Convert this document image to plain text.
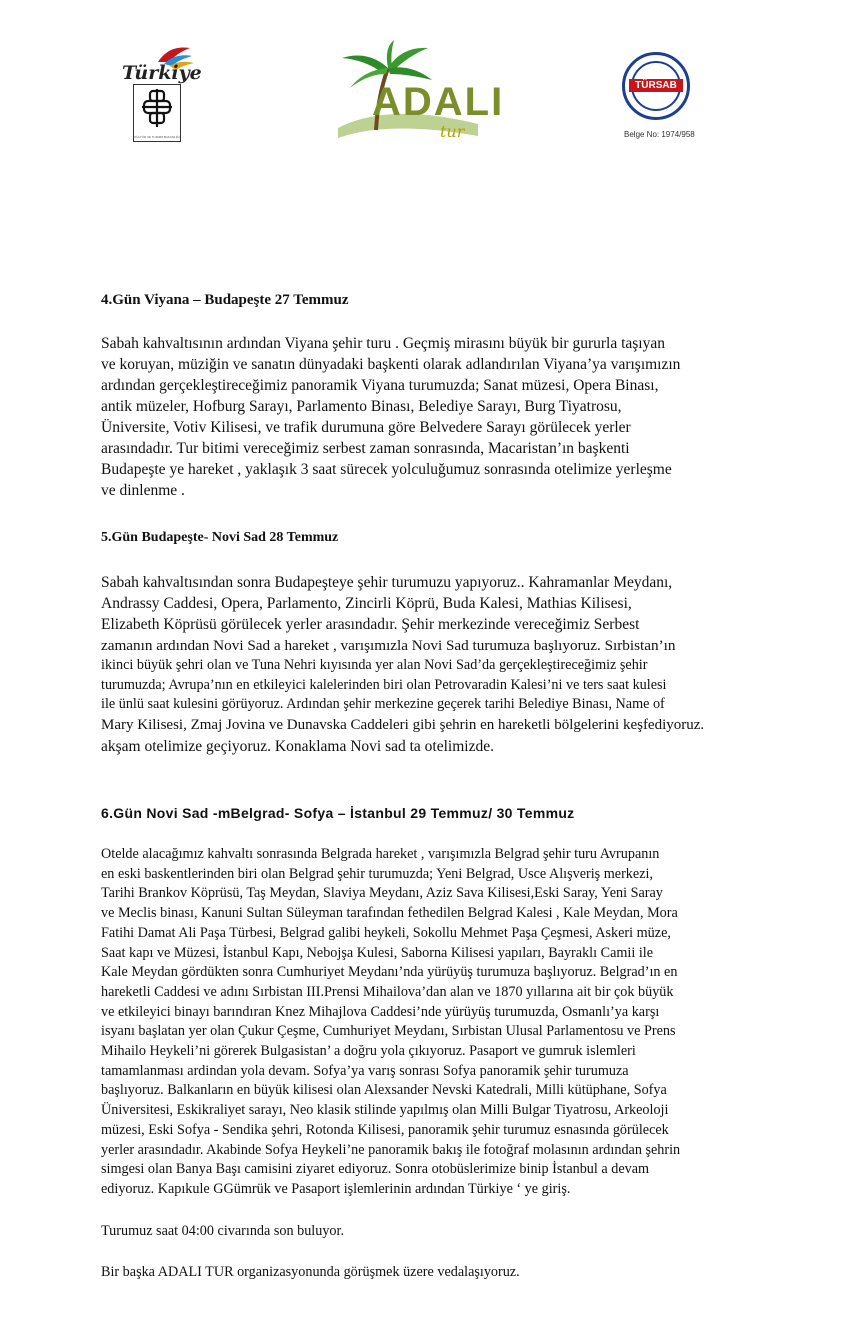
Türkiye
KÜLTÜR VE TURİZM BAKANLIĞI
ADALI
tur
TÜRSAB
Belge No: 1974/958
4.Gün Viyana – Budapeşte 27 Temmuz

Sabah kahvaltısının ardından Viyana şehir turu . Geçmiş mirasını büyük bir gururla taşıyan

ve koruyan, müziğin ve sanatın dünyadaki başkenti olarak adlandırılan Viyana’ya varışımızın

ardından gerçekleştireceğimiz panoramik Viyana turumuzda; Sanat müzesi, Opera Binası,

antik müzeler, Hofburg Sarayı, Parlamento Binası, Belediye Sarayı, Burg Tiyatrosu,

Üniversite, Votiv Kilisesi, ve trafik durumuna göre Belvedere Sarayı görülecek yerler

arasındadır. Tur bitimi vereceğimiz serbest zaman sonrasında, Macaristan’ın başkenti

Budapeşte ye hareket , yaklaşık 3 saat sürecek yolculuğumuz sonrasında otelimize yerleşme

ve dinlenme .

5.Gün Budapeşte- Novi Sad 28 Temmuz

Sabah kahvaltısından sonra Budapeşteye şehir turumuzu yapıyoruz.. Kahramanlar Meydanı,

Andrassy Caddesi, Opera, Parlamento, Zincirli Köprü, Buda Kalesi, Mathias Kilisesi,

Elizabeth Köprüsü görülecek yerler arasındadır. Şehir merkezinde vereceğimiz Serbest

zamanın ardından Novi Sad a hareket , varışımızla Novi Sad turumuza başlıyoruz. Sırbistan’ın

ikinci büyük şehri olan ve Tuna Nehri kıyısında yer alan Novi Sad’da gerçekleştireceğimiz şehir

turumuzda; Avrupa’nın en etkileyici kalelerinden biri olan Petrovaradin Kalesi’ni ve ters saat kulesi

ile ünlü saat kulesini görüyoruz. Ardından şehir merkezine geçerek tarihi Belediye Binası, Name of

Mary Kilisesi, Zmaj Jovina ve Dunavska Caddeleri gibi şehrin en hareketli bölgelerini keşfediyoruz.

akşam otelimize geçiyoruz. Konaklama Novi sad ta otelimizde.

6.Gün Novi Sad -mBelgrad- Sofya – İstanbul 29 Temmuz/ 30 Temmuz

Otelde alacağımız kahvaltı sonrasında Belgrada hareket , varışımızla Belgrad şehir turu Avrupanın

en eski baskentlerinden biri olan Belgrad şehir turumuzda; Yeni Belgrad, Usce Alışveriş merkezi,

Tarihi Brankov Köprüsü, Taş Meydan, Slaviya Meydanı, Aziz Sava Kilisesi,Eski Saray, Yeni Saray

ve Meclis binası, Kanuni Sultan Süleyman tarafından fethedilen Belgrad Kalesi , Kale Meydan, Mora

Fatihi Damat Ali Paşa Türbesi, Belgrad galibi heykeli, Sokollu Mehmet Paşa Çeşmesi, Askeri müze,

Saat kapı ve Müzesi, İstanbul Kapı, Nebojşa Kulesi, Saborna Kilisesi yapıları, Bayraklı Camii ile

Kale Meydan gördükten sonra Cumhuriyet Meydanı’nda yürüyüş turumuza başlıyoruz. Belgrad’ın en

hareketli Caddesi ve adını Sırbistan III.Prensi Mihailova’dan alan ve 1870 yıllarına ait bir çok büyük

ve etkileyici binayı barındıran Knez Mihajlova Caddesi’nde yürüyüş turumuzda, Osmanlı’ya karşı

isyanı başlatan yer olan Çukur Çeşme, Cumhuriyet Meydanı, Sırbistan Ulusal Parlamentosu ve Prens

Mihailo Heykeli’ni görerek Bulgasistan’ a doğru yola çıkıyoruz. Pasaport ve gumruk islemleri

tamamlanması ardindan yola devam. Sofya’ya varış sonrası Sofya panoramik şehir turumuza

başlıyoruz. Balkanların en büyük kilisesi olan Alexsander Nevski Katedrali, Milli kütüphane, Sofya

Üniversitesi, Eskikraliyet sarayı, Neo klasik stilinde yapılmış olan Milli Bulgar Tiyatrosu, Arkeoloji

müzesi, Eski Sofya - Sendika şehri, Rotonda Kilisesi, panoramik şehir turumuz esnasında görülecek

yerler arasındadır. Akabinde Sofya Heykeli’ne panoramik bakış ile fotoğraf molasının ardından şehrin

simgesi olan Banya Başı camisini ziyaret ediyoruz. Sonra otobüslerimize binip İstanbul a devam

ediyoruz. Kapıkule GGümrük ve Pasaport işlemlerinin ardından Türkiye ‘ ye giriş.

Turumuz saat 04:00 civarında son buluyor.
Bir başka ADALI TUR organizasyonunda görüşmek üzere vedalaşıyoruz.
